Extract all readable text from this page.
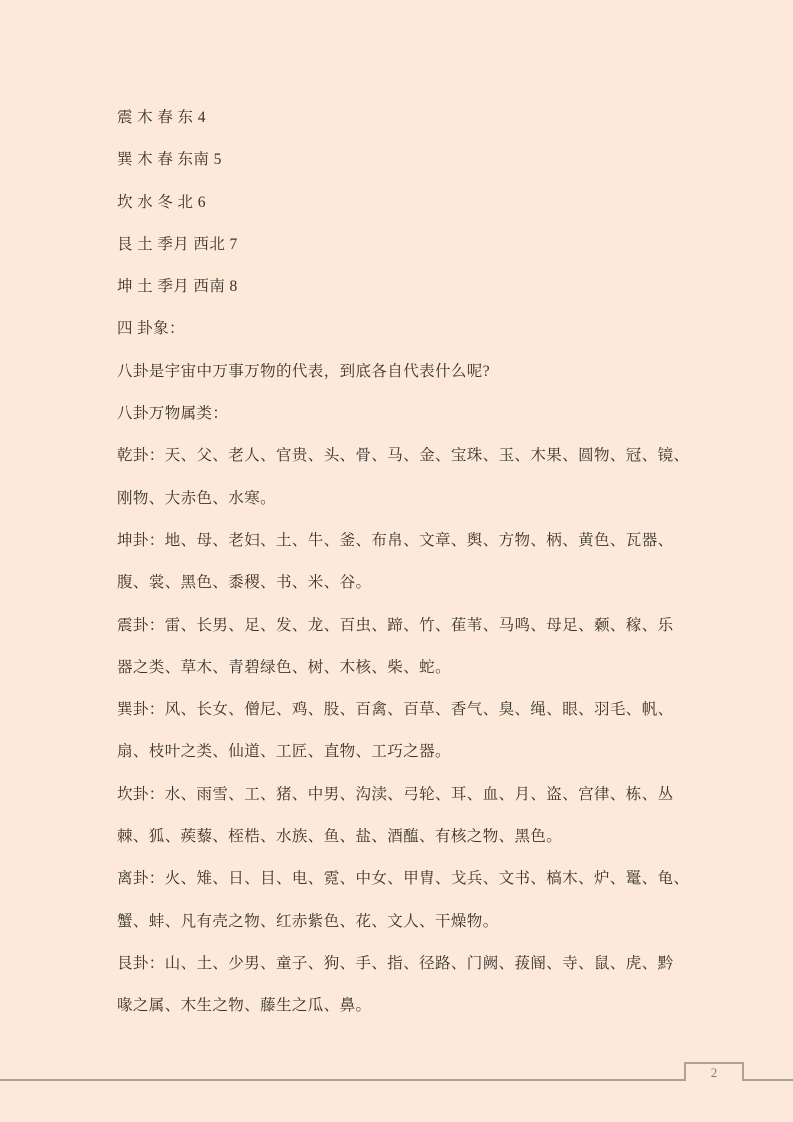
震 木 春 东 4

巽 木 春 东南 5

坎 水 冬 北 6

艮 土 季月 西北 7

坤 土 季月 西南 8

四 卦象：

八卦是宇宙中万事万物的代表，到底各自代表什么呢?

八卦万物属类：

乾卦：天、父、老人、官贵、头、骨、马、金、宝珠、玉、木果、圆物、冠、镜、

刚物、大赤色、水寒。

坤卦：地、母、老妇、土、牛、釜、布帛、文章、舆、方物、柄、黄色、瓦器、

腹、裳、黑色、黍稷、书、米、谷。

震卦：雷、长男、足、发、龙、百虫、蹄、竹、萑苇、马鸣、母足、颡、稼、乐

器之类、草木、青碧绿色、树、木核、柴、蛇。

巽卦：风、长女、僧尼、鸡、股、百禽、百草、香气、臭、绳、眼、羽毛、帆、

扇、枝叶之类、仙道、工匠、直物、工巧之器。

坎卦：水、雨雪、工、猪、中男、沟渎、弓轮、耳、血、月、盗、宫律、栋、丛

棘、狐、蒺藜、桎梏、水族、鱼、盐、酒醢、有核之物、黑色。

离卦：火、雉、日、目、电、霓、中女、甲胄、戈兵、文书、槁木、炉、鼍、龟、

蟹、蚌、凡有壳之物、红赤紫色、花、文人、干燥物。

艮卦：山、土、少男、童子、狗、手、指、径路、门阙、菝阍、寺、鼠、虎、黔

喙之属、木生之物、藤生之瓜、鼻。

2
